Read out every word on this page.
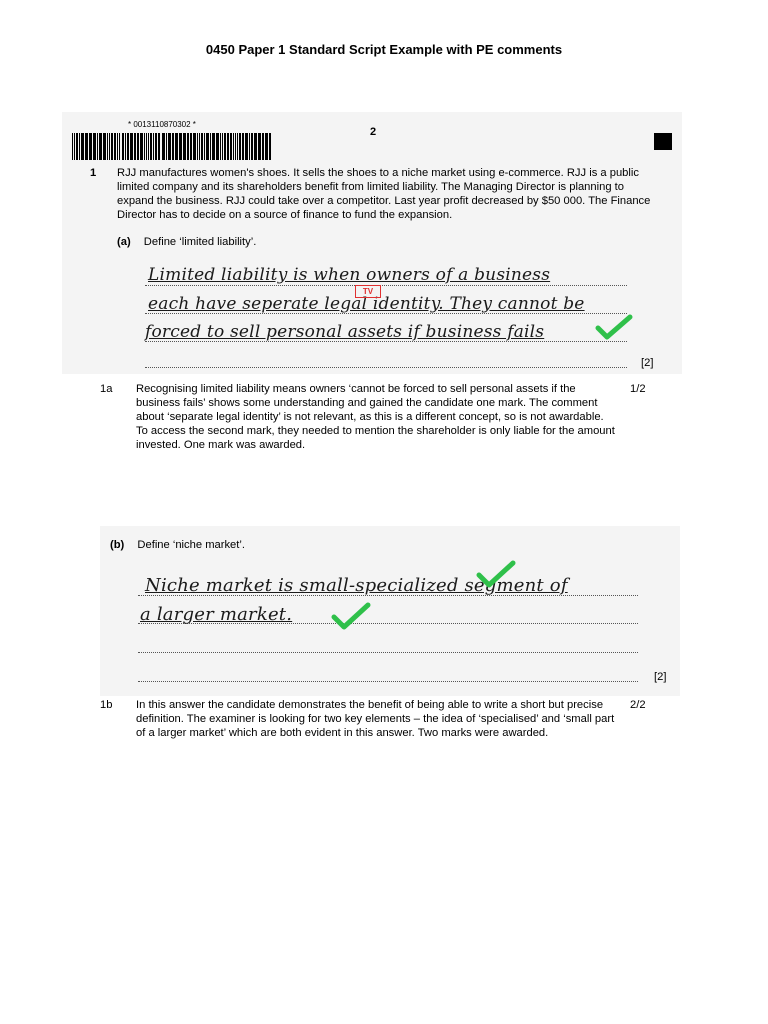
0450 Paper 1 Standard Script Example with PE comments
* 0013110870302 *
2
1 RJJ manufactures women's shoes. It sells the shoes to a niche market using e-commerce. RJJ is a public limited company and its shareholders benefit from limited liability. The Managing Director is planning to expand the business. RJJ could take over a competitor. Last year profit decreased by $50 000. The Finance Director has to decide on a source of finance to fund the expansion.
(a) Define ‘limited liability’.
Limited liability is when owners of a business
each have seperate legal identity. They cannot be
forced to sell personal assets if business fails
TV
[2]
1a	Recognising limited liability means owners ‘cannot be forced to sell personal assets if the business fails’ shows some understanding and gained the candidate one mark. The comment about ‘separate legal identity’ is not relevant, as this is a different concept, so is not awardable. To access the second mark, they needed to mention the shareholder is only liable for the amount invested. One mark was awarded.
1/2
(b) Define ‘niche market’.
Niche market is small-specialized segment of
a larger market.
[2]
1b	In this answer the candidate demonstrates the benefit of being able to write a short but precise definition. The examiner is looking for two key elements – the idea of ‘specialised’ and ‘small part of a larger market’ which are both evident in this answer. Two marks were awarded.
2/2
